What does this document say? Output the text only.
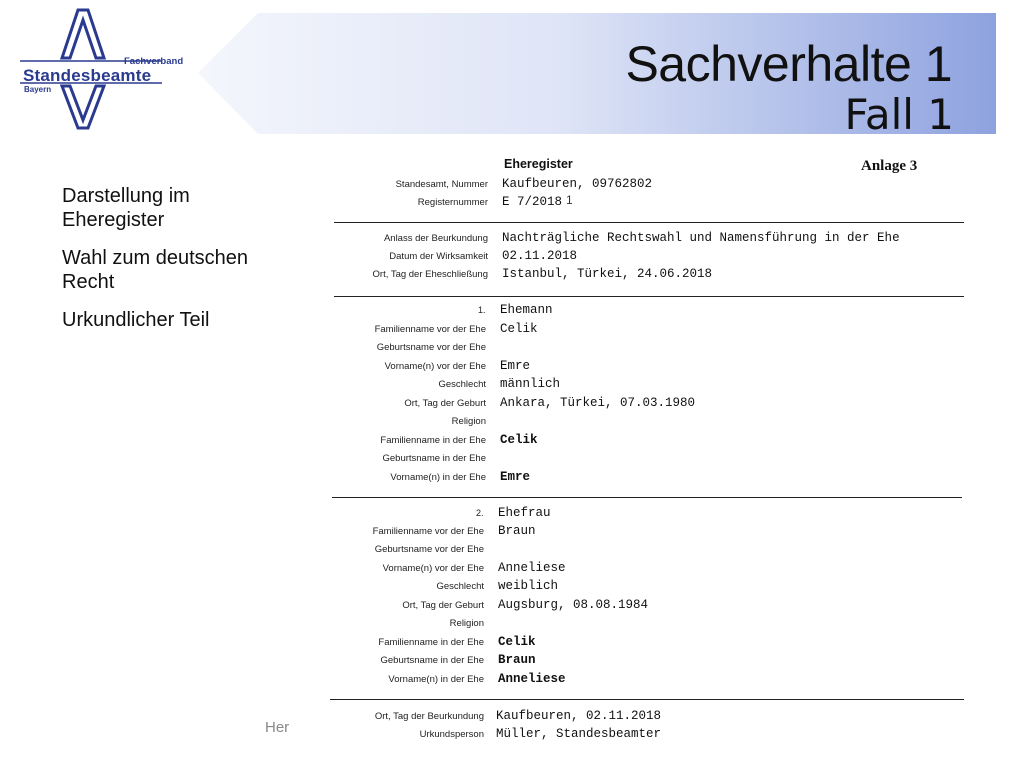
Fachverband
Standesbeamte
Bayern	Sachverhalte 1
Fall 1
Darstellung im Eheregister
Wahl zum deutschen Recht
Urkundlicher Teil
Her
Eheregister	Anlage 3
Standesamt, Nummer Kaufbeuren, 09762802
Registernummer E 7/2018 1
Anlass der Beurkundung Nachträgliche Rechtswahl und Namensführung in der Ehe
Datum der Wirksamkeit 02.11.2018
Ort, Tag der Eheschließung Istanbul, Türkei, 24.06.2018
1. Ehemann
Familienname vor der Ehe Celik
Geburtsname vor der Ehe
Vorname(n) vor der Ehe Emre
Geschlecht männlich
Ort, Tag der Geburt Ankara, Türkei, 07.03.1980
Religion
Familienname in der Ehe Celik
Geburtsname in der Ehe
Vorname(n) in der Ehe Emre
2. Ehefrau
Familienname vor der Ehe Braun
Geburtsname vor der Ehe
Vorname(n) vor der Ehe Anneliese
Geschlecht weiblich
Ort, Tag der Geburt Augsburg, 08.08.1984
Religion
Familienname in der Ehe Celik
Geburtsname in der Ehe Braun
Vorname(n) in der Ehe Anneliese
Ort, Tag der Beurkundung Kaufbeuren, 02.11.2018
Urkundsperson Müller, Standesbeamter
